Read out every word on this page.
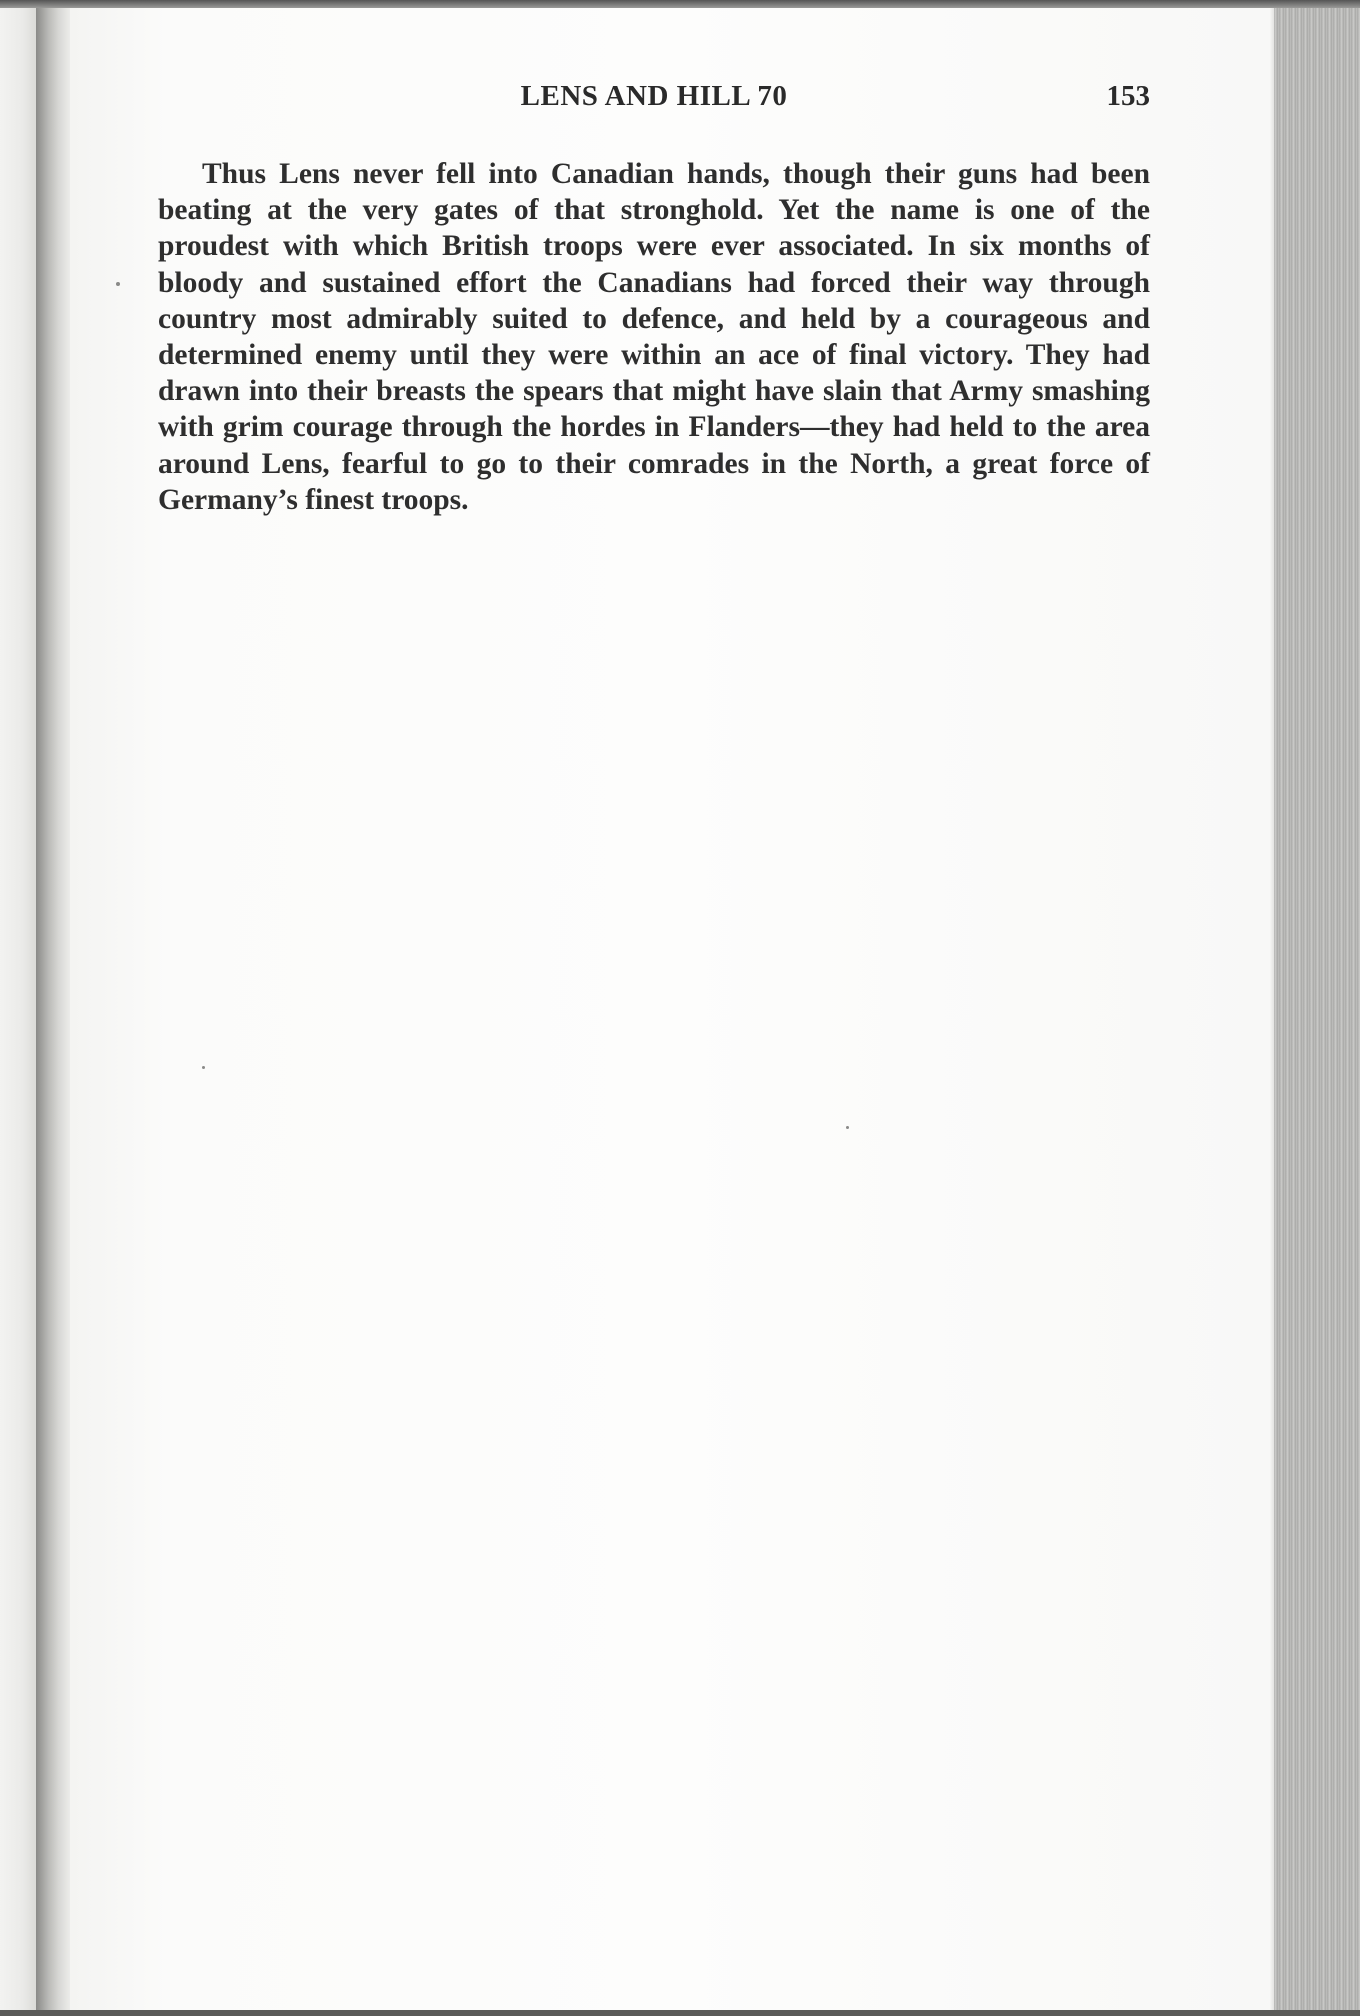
LENS AND HILL 70	153

Thus Lens never fell into Canadian hands, though their guns had been beating at the very gates of that stronghold. Yet the name is one of the proudest with which British troops were ever associated. In six months of bloody and sustained effort the Canadians had forced their way through country most admirably suited to defence, and held by a courageous and determined enemy until they were within an ace of final victory. They had drawn into their breasts the spears that might have slain that Army smashing with grim courage through the hordes in Flanders—they had held to the area around Lens, fearful to go to their comrades in the North, a great force of Germany’s finest troops.
